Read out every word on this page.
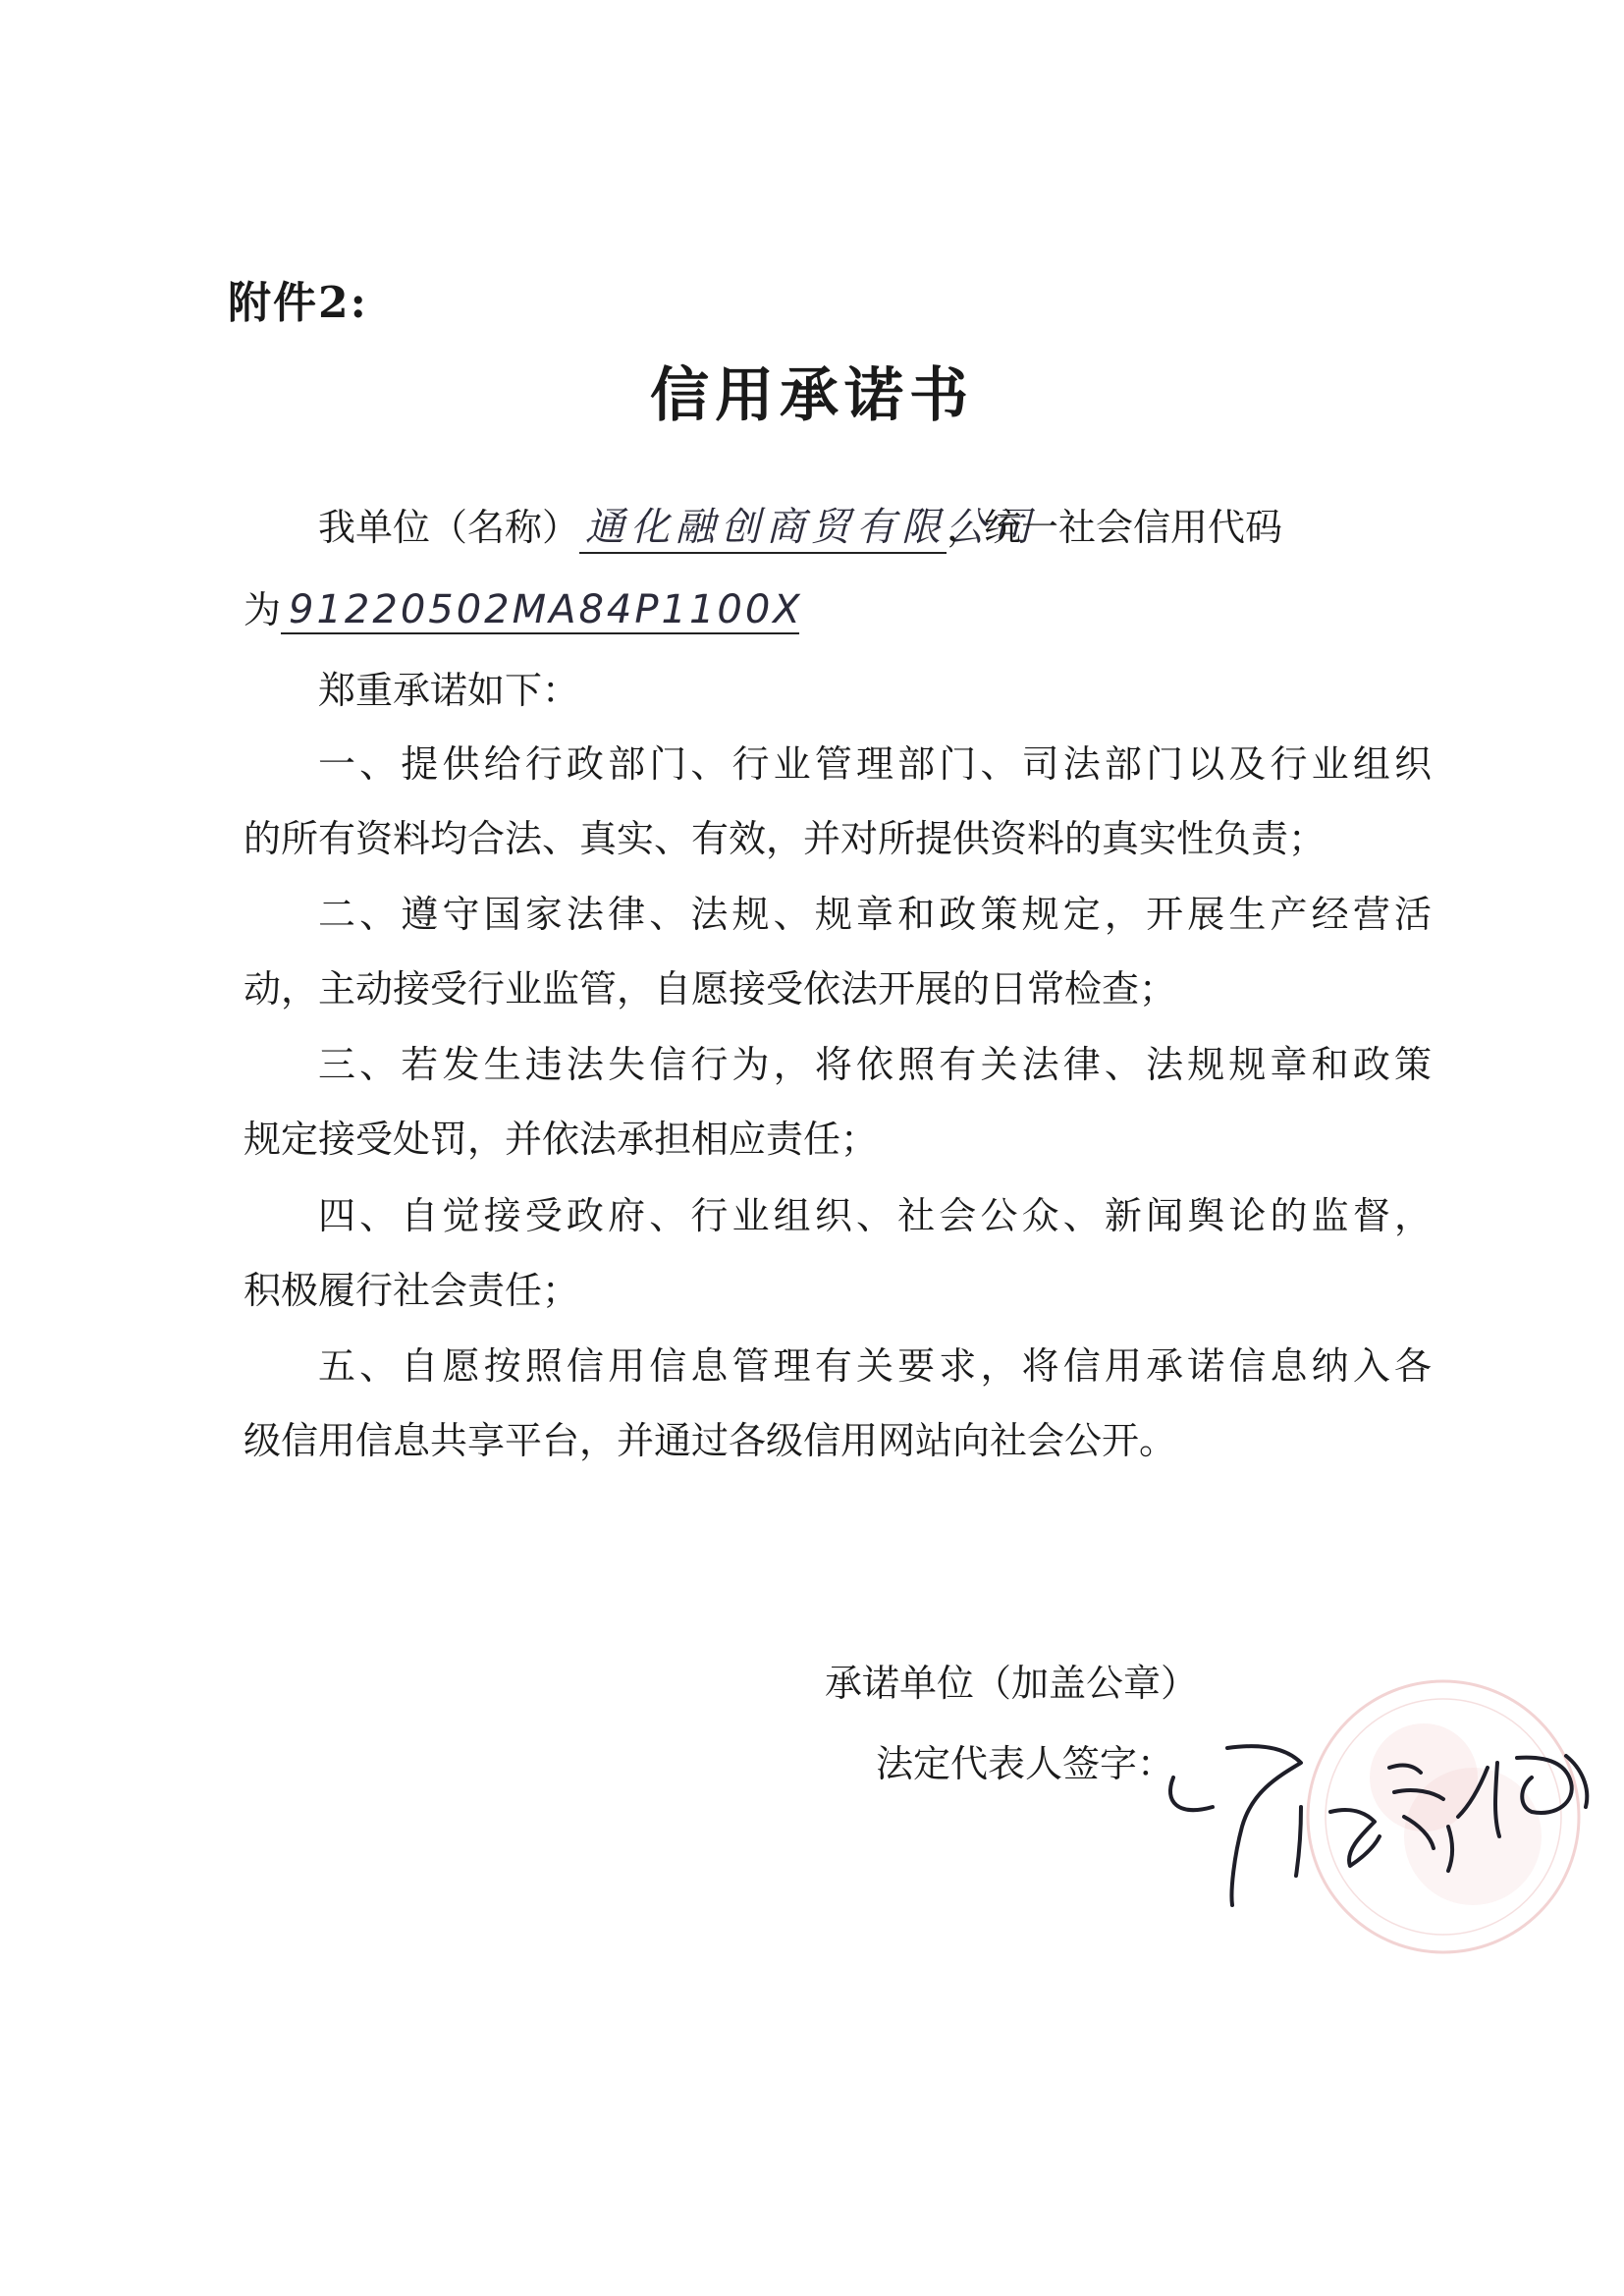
附件2:
信用承诺书
我单位（名称） 通化融创商贸有限公司，统一社会信用代码
为 91220502MA84P1100X
郑重承诺如下：
一、提供给行政部门、行业管理部门、司法部门以及行业组织
的所有资料均合法、真实、有效，并对所提供资料的真实性负责；
二、遵守国家法律、法规、规章和政策规定，开展生产经营活
动，主动接受行业监管，自愿接受依法开展的日常检查；
三、若发生违法失信行为，将依照有关法律、法规规章和政策
规定接受处罚，并依法承担相应责任；
四、自觉接受政府、行业组织、社会公众、新闻舆论的监督，
积极履行社会责任；
五、自愿按照信用信息管理有关要求，将信用承诺信息纳入各
级信用信息共享平台，并通过各级信用网站向社会公开。
承诺单位（加盖公章）
法定代表人签字：
